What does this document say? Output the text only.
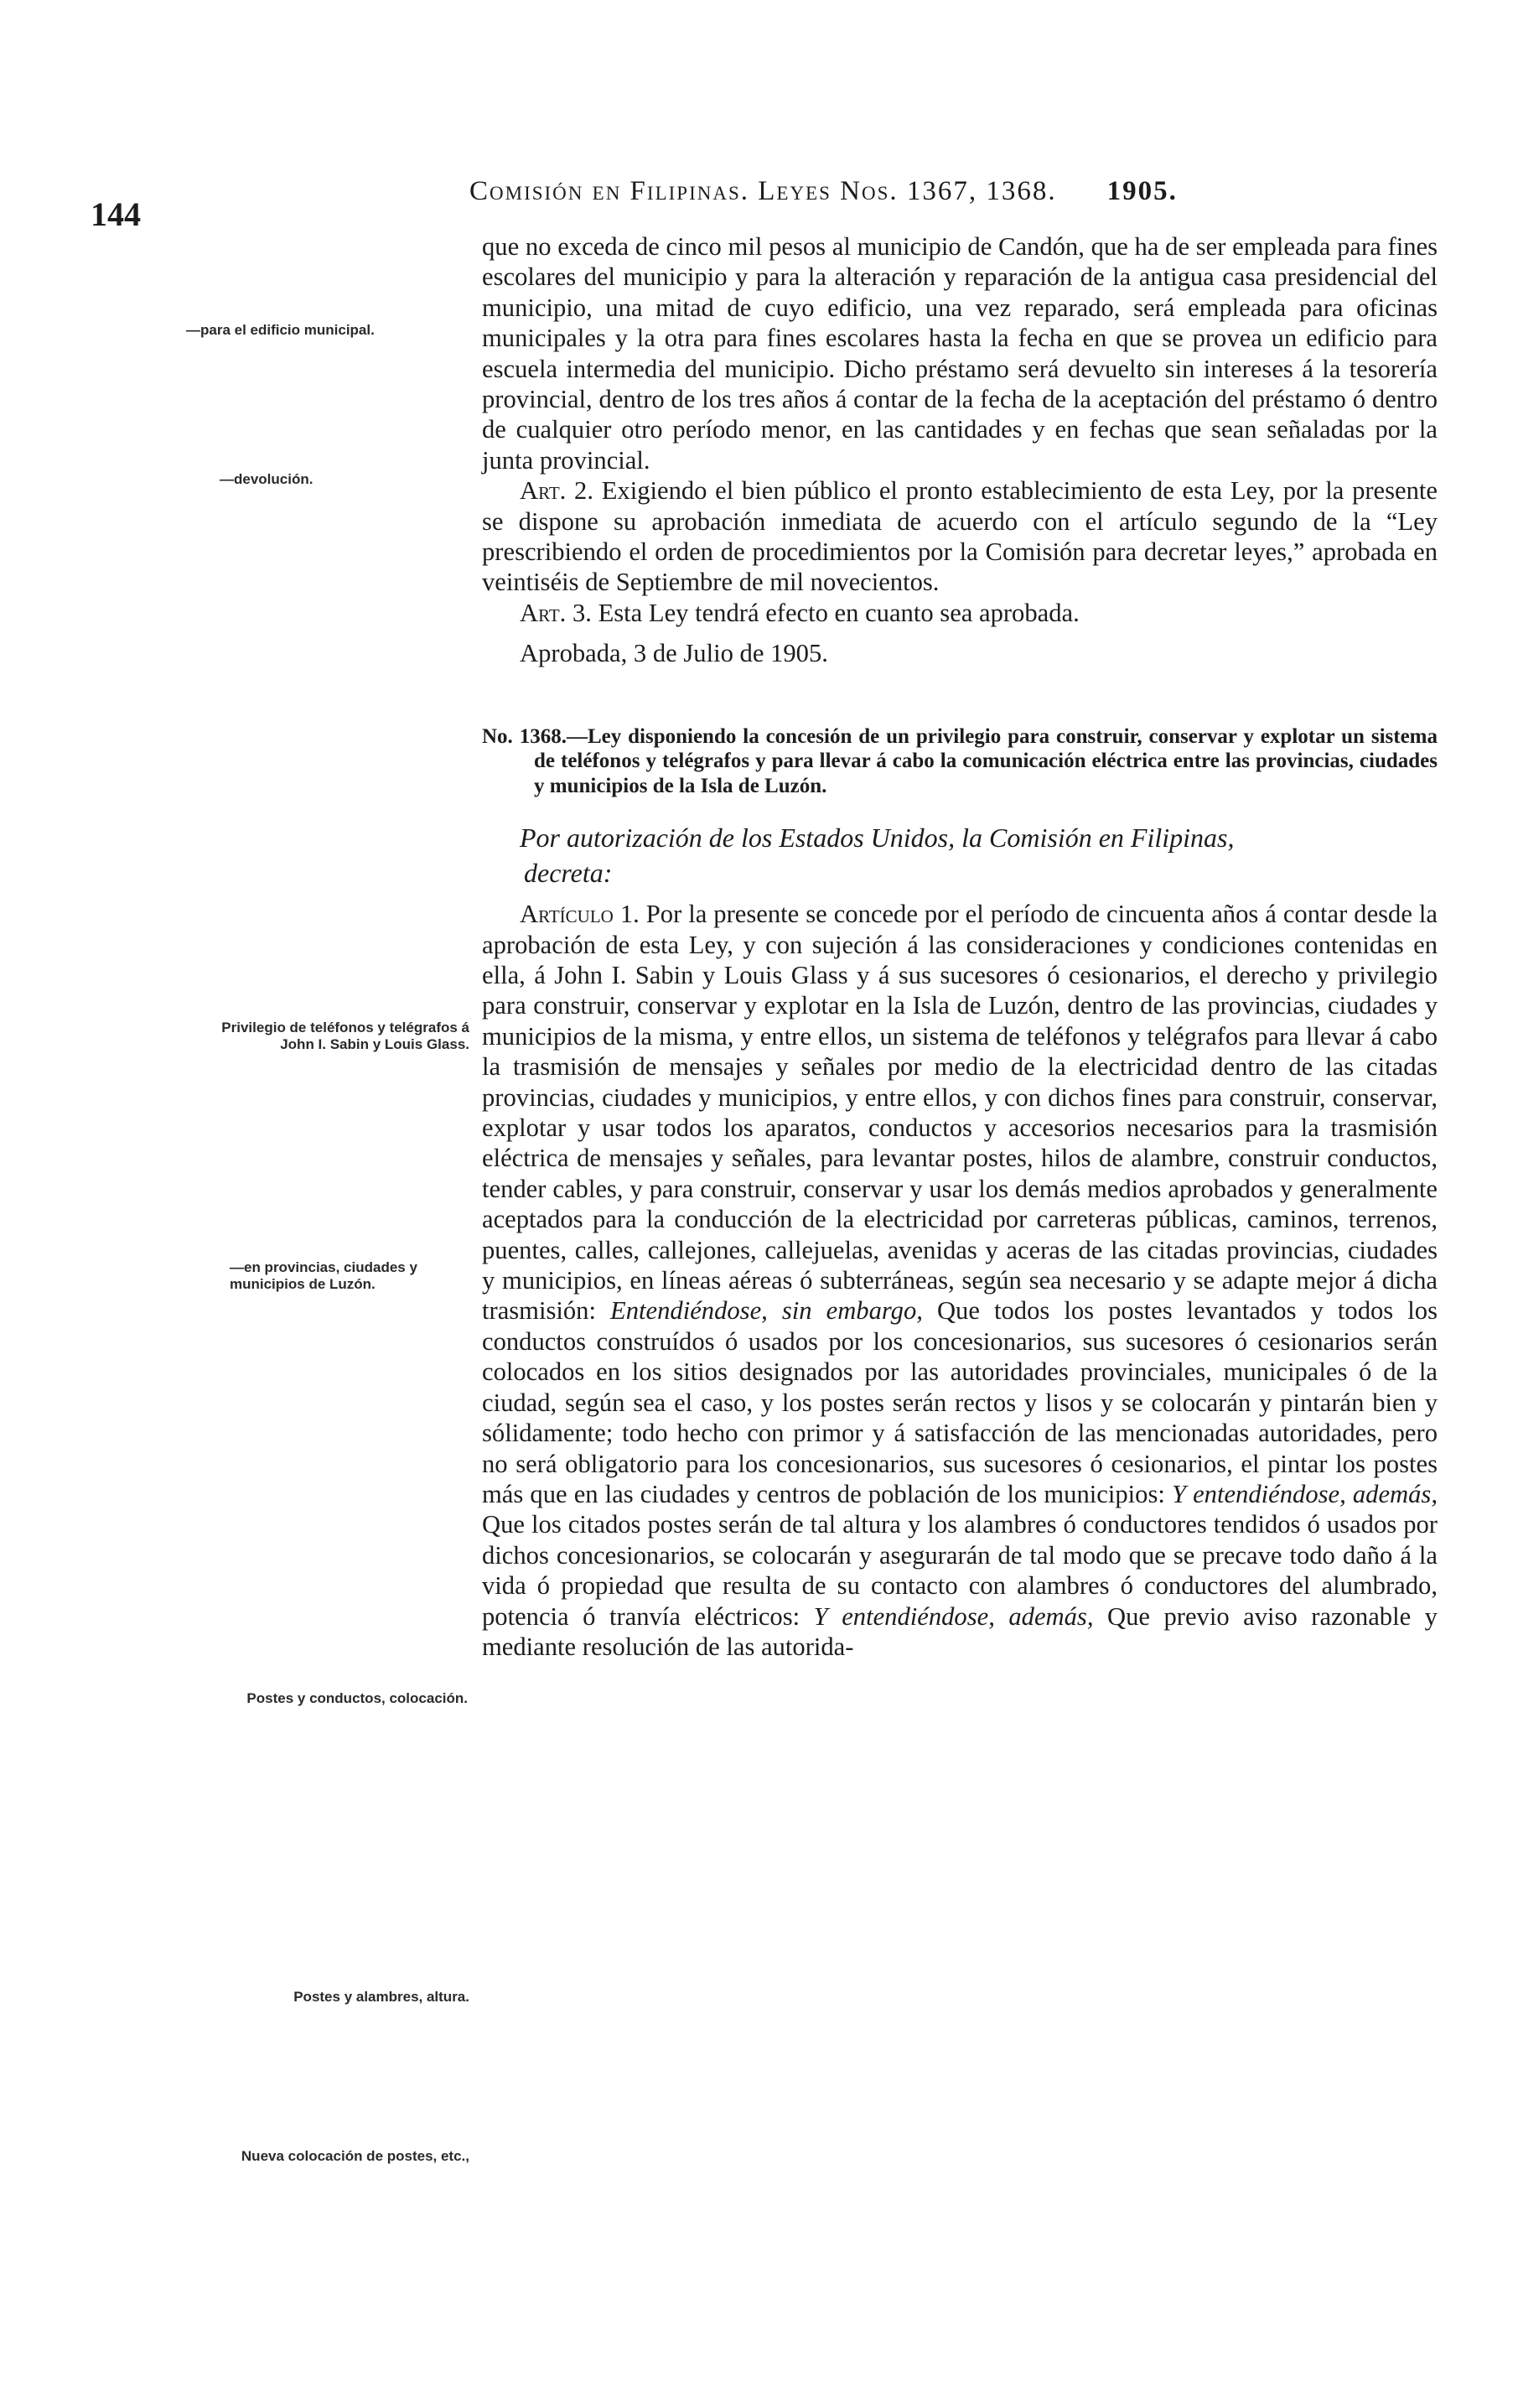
144
Comisión en Filipinas. Leyes Nos. 1367, 1368. 1905.
—para el edificio municipal.
—devolución.
Privilegio de teléfonos y telégrafos á John I. Sabin y Louis Glass.
—en provincias, ciudades y municipios de Luzón.
Postes y conductos, colocación.
Postes y alambres, altura.
Nueva colocación de postes, etc.,

que no exceda de cinco mil pesos al municipio de Candón, que ha de ser empleada para fines escolares del municipio y para la alteración y reparación de la antigua casa presidencial del municipio, una mitad de cuyo edificio, una vez reparado, será empleada para oficinas municipales y la otra para fines escolares hasta la fecha en que se provea un edificio para escuela intermedia del municipio. Dicho préstamo será devuelto sin intereses á la tesorería provincial, dentro de los tres años á contar de la fecha de la aceptación del préstamo ó dentro de cualquier otro período menor, en las cantidades y en fechas que sean señaladas por la junta provincial.

Art. 2. Exigiendo el bien público el pronto establecimiento de esta Ley, por la presente se dispone su aprobación inmediata de acuerdo con el artículo segundo de la “Ley prescribiendo el orden de procedimientos por la Comisión para decretar leyes,” aprobada en veintiséis de Septiembre de mil novecientos.

Art. 3. Esta Ley tendrá efecto en cuanto sea aprobada.

Aprobada, 3 de Julio de 1905.

No. 1368.—Ley disponiendo la concesión de un privilegio para construir, conservar y explotar un sistema de teléfonos y telégrafos y para llevar á cabo la comunicación eléctrica entre las provincias, ciudades y municipios de la Isla de Luzón.

Por autorización de los Estados Unidos, la Comisión en Filipinas,
decreta:

Artículo 1. Por la presente se concede por el período de cincuenta años á contar desde la aprobación de esta Ley, y con sujeción á las consideraciones y condiciones contenidas en ella, á John I. Sabin y Louis Glass y á sus sucesores ó cesionarios, el derecho y privilegio para construir, conservar y explotar en la Isla de Luzón, dentro de las provincias, ciudades y municipios de la misma, y entre ellos, un sistema de teléfonos y telégrafos para llevar á cabo la trasmisión de mensajes y señales por medio de la electricidad dentro de las citadas provincias, ciudades y municipios, y entre ellos, y con dichos fines para construir, conservar, explotar y usar todos los aparatos, conductos y accesorios necesarios para la trasmisión eléctrica de mensajes y señales, para levantar postes, hilos de alambre, construir conductos, tender cables, y para construir, conservar y usar los demás medios aprobados y generalmente aceptados para la conducción de la electricidad por carreteras públicas, caminos, terrenos, puentes, calles, callejones, callejuelas, avenidas y aceras de las citadas provincias, ciudades y municipios, en líneas aéreas ó subterráneas, según sea necesario y se adapte mejor á dicha trasmisión: Entendiéndose, sin embargo, Que todos los postes levantados y todos los conductos construídos ó usados por los concesionarios, sus sucesores ó cesionarios serán colocados en los sitios designados por las autoridades provinciales, municipales ó de la ciudad, según sea el caso, y los postes serán rectos y lisos y se colocarán y pintarán bien y sólidamente; todo hecho con primor y á satisfacción de las mencionadas autoridades, pero no será obligatorio para los concesionarios, sus sucesores ó cesionarios, el pintar los postes más que en las ciudades y centros de población de los municipios: Y entendiéndose, además, Que los citados postes serán de tal altura y los alambres ó conductores tendidos ó usados por dichos concesionarios, se colocarán y asegurarán de tal modo que se precave todo daño á la vida ó propiedad que resulta de su contacto con alambres ó conductores del alumbrado, potencia ó tranvía eléctricos: Y entendiéndose, además, Que previo aviso razonable y mediante resolución de las autorida-
